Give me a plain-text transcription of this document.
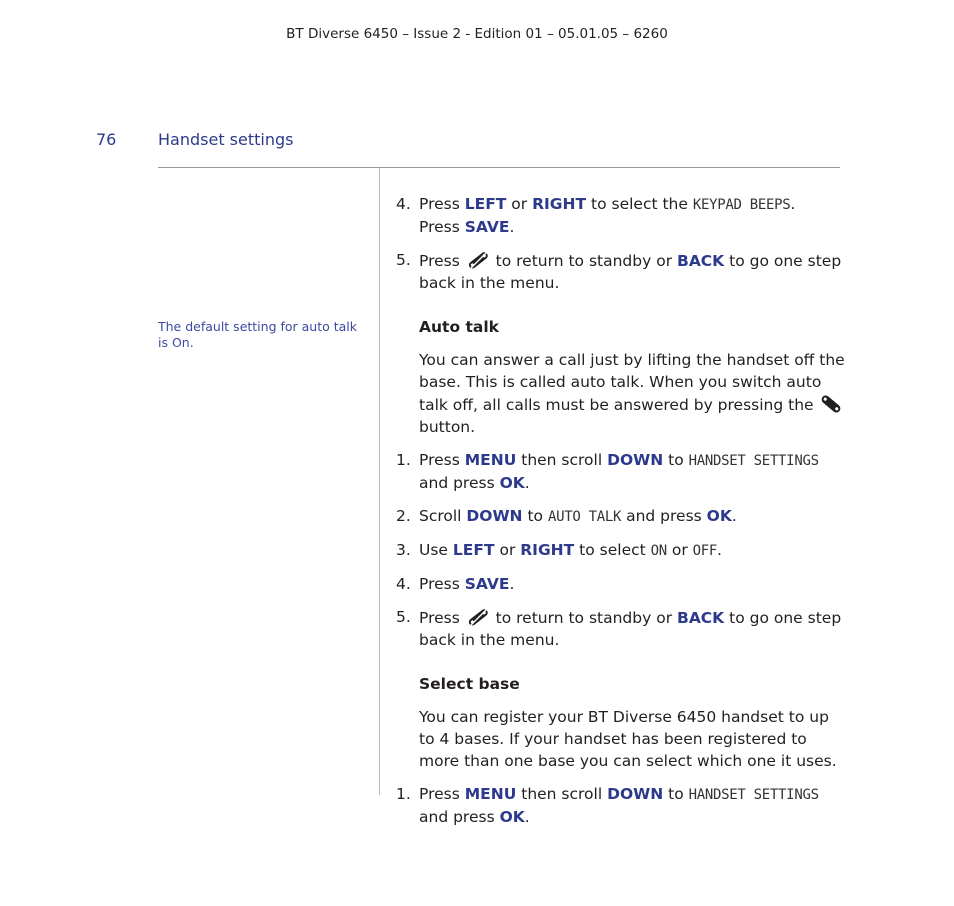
BT Diverse 6450 – Issue 2 - Edition 01 – 05.01.05 – 6260
76	Handset settings
The default setting for auto talk is On.
4. Press LEFT or RIGHT to select the KEYPAD BEEPS.
Press SAVE.
5. Press  to return to standby or BACK to go one step back in the menu.
Auto talk
You can answer a call just by lifting the handset off the base. This is called auto talk. When you switch auto talk off, all calls must be answered by pressing the  button.
1. Press MENU then scroll DOWN to HANDSET SETTINGS and press OK.
2. Scroll DOWN to AUTO TALK and press OK.
3. Use LEFT or RIGHT to select ON or OFF.
4. Press SAVE.
5. Press  to return to standby or BACK to go one step back in the menu.
Select base
You can register your BT Diverse 6450 handset to up to 4 bases. If your handset has been registered to more than one base you can select which one it uses.
1. Press MENU then scroll DOWN to HANDSET SETTINGS and press OK.
